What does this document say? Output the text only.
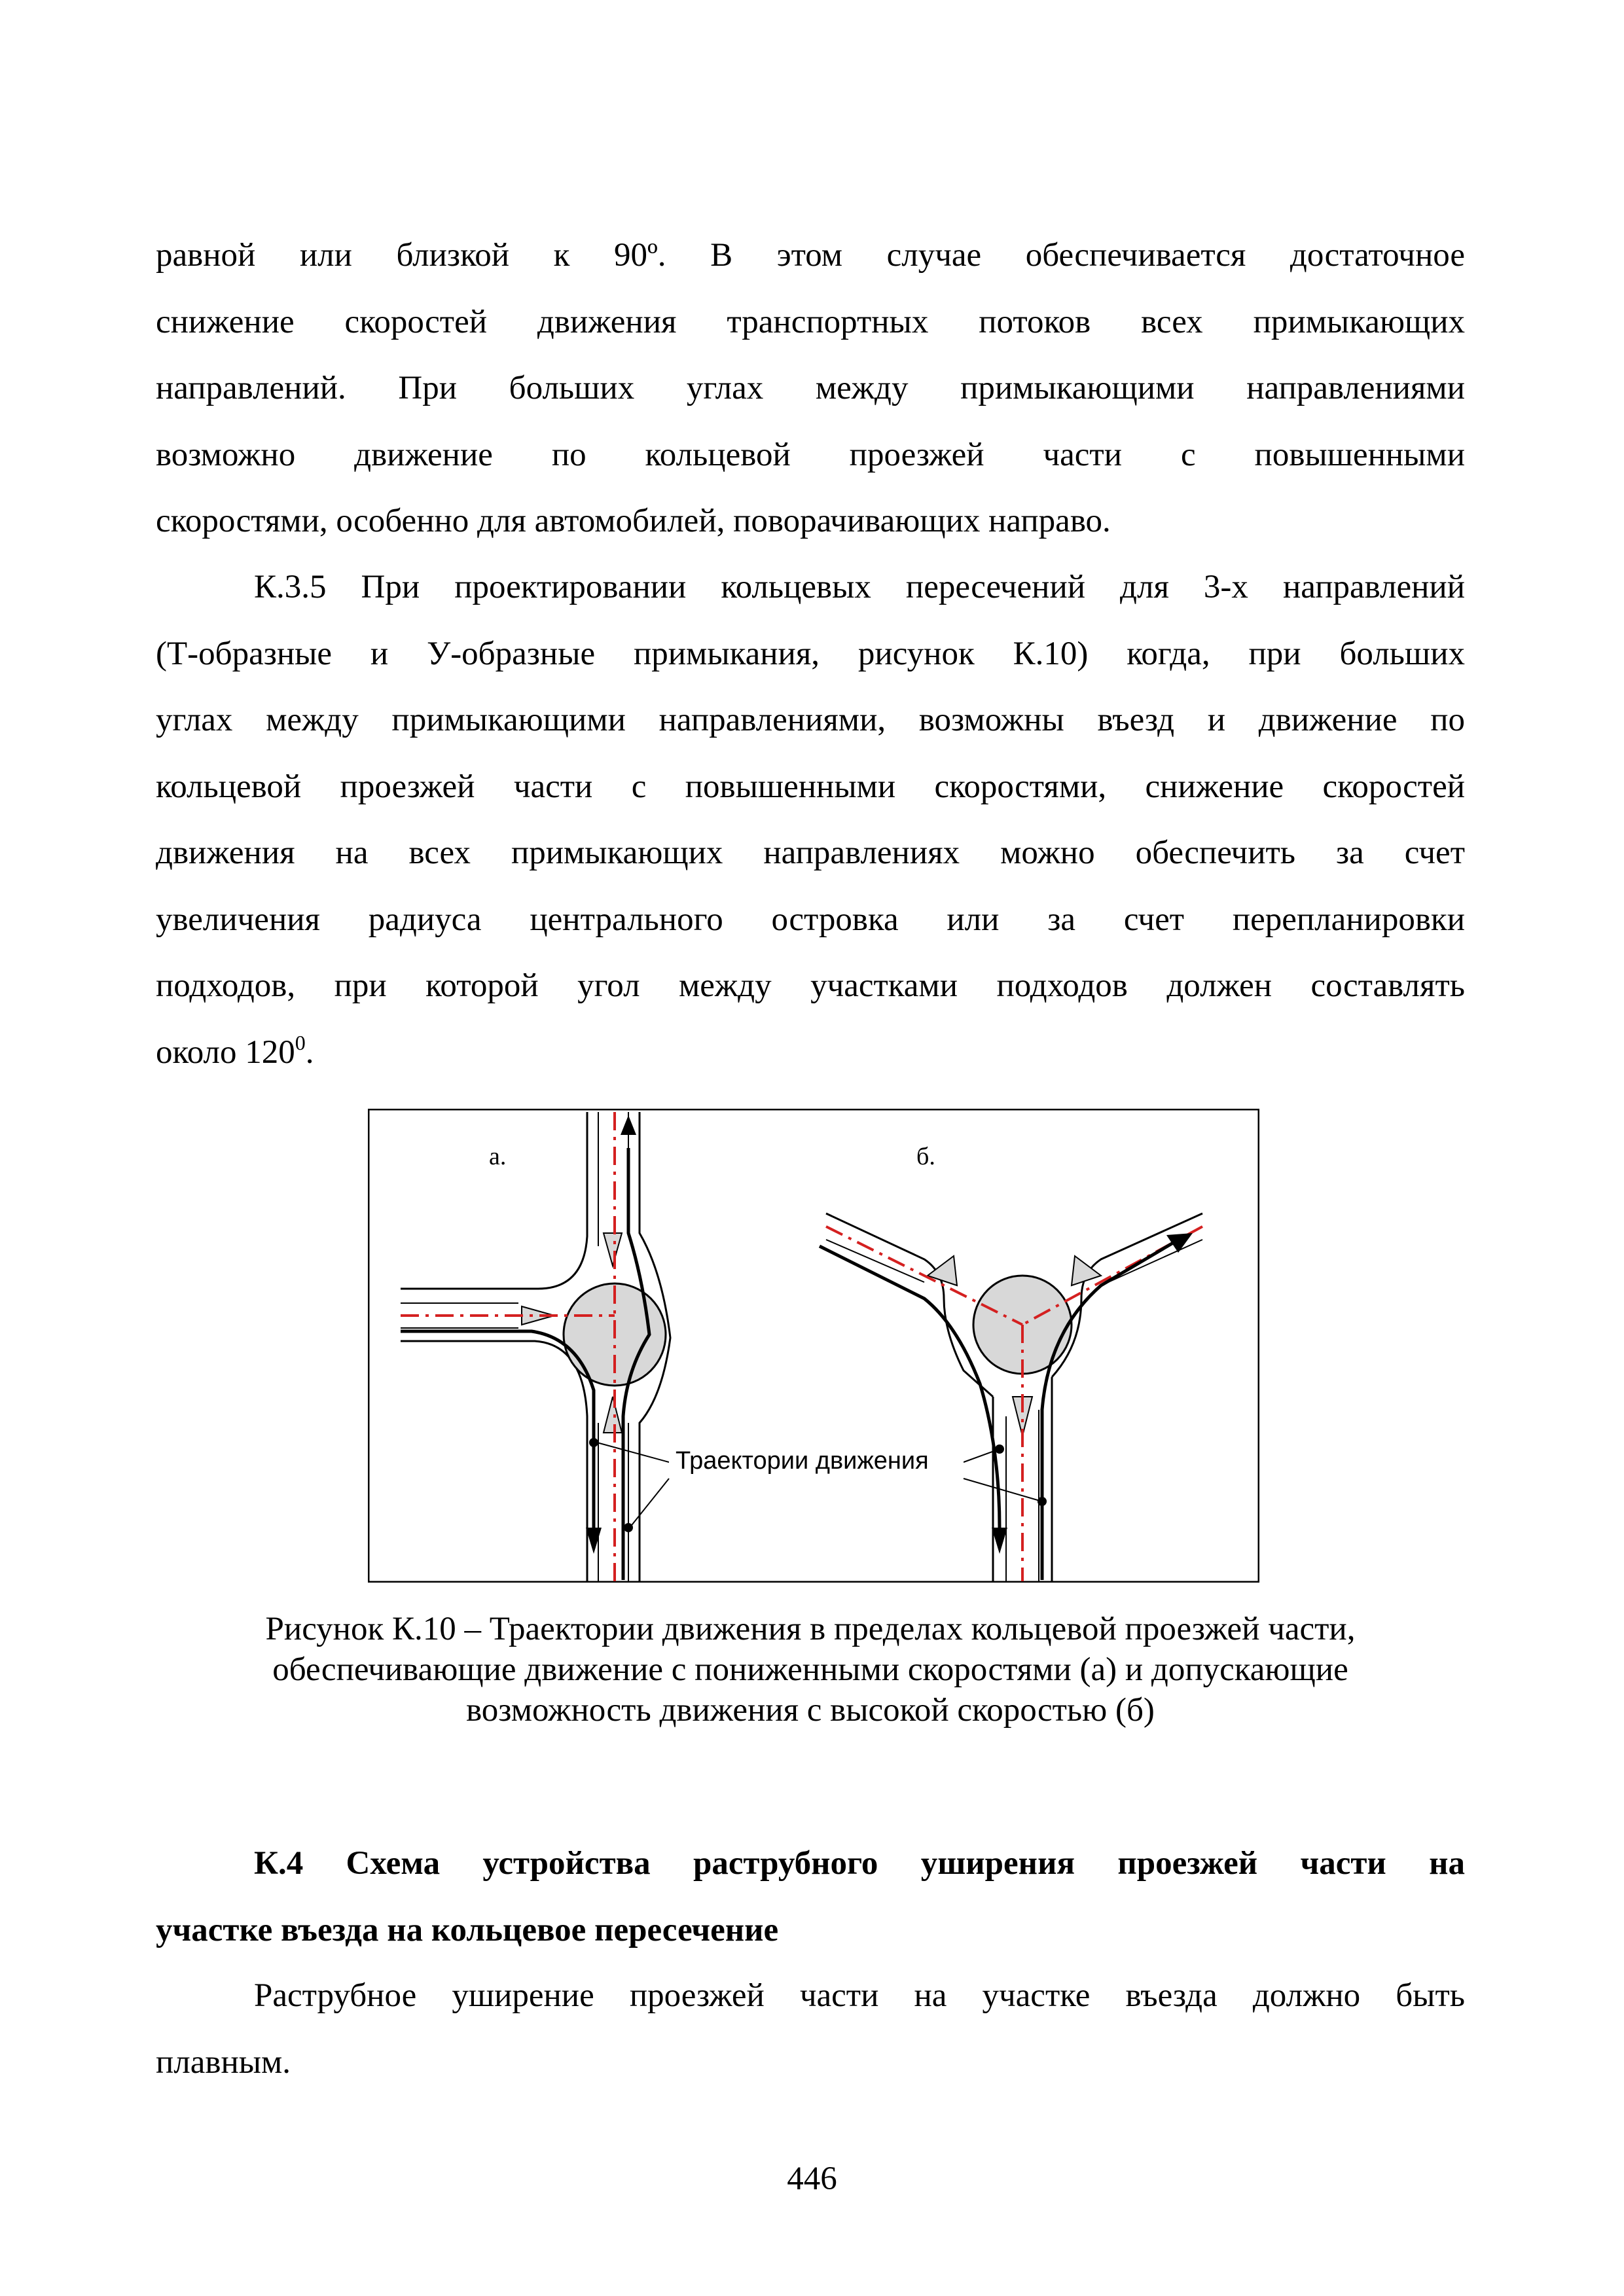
равной или близкой к 90º. В этом случае обеспечивается достаточное
снижение скоростей движения транспортных потоков всех примыкающих
направлений. При больших углах между примыкающими направлениями
возможно движение по кольцевой проезжей части с повышенными
скоростями, особенно для автомобилей, поворачивающих направо.
К.3.5 При проектировании кольцевых пересечений для 3-х направлений
(Т-образные и У-образные примыкания, рисунок К.10) когда, при больших
углах между примыкающими направлениями, возможны въезд и движение по
кольцевой проезжей части с повышенными скоростями, снижение скоростей
движения на всех примыкающих направлениях можно обеспечить за счет
увеличения радиуса центрального островка или за счет перепланировки
подходов, при которой угол между участками подходов должен составлять
около $120^0$.
а.	б.
Траектории движения
Рисунок К.10 – Траектории движения в пределах кольцевой проезжей части,
обеспечивающие движение с пониженными скоростями (а) и допускающие
возможность движения с высокой скоростью (б)
К.4 Схема устройства раструбного уширения проезжей части на
участке въезда на кольцевое пересечение
Раструбное уширение проезжей части на участке въезда должно быть
плавным.
446
